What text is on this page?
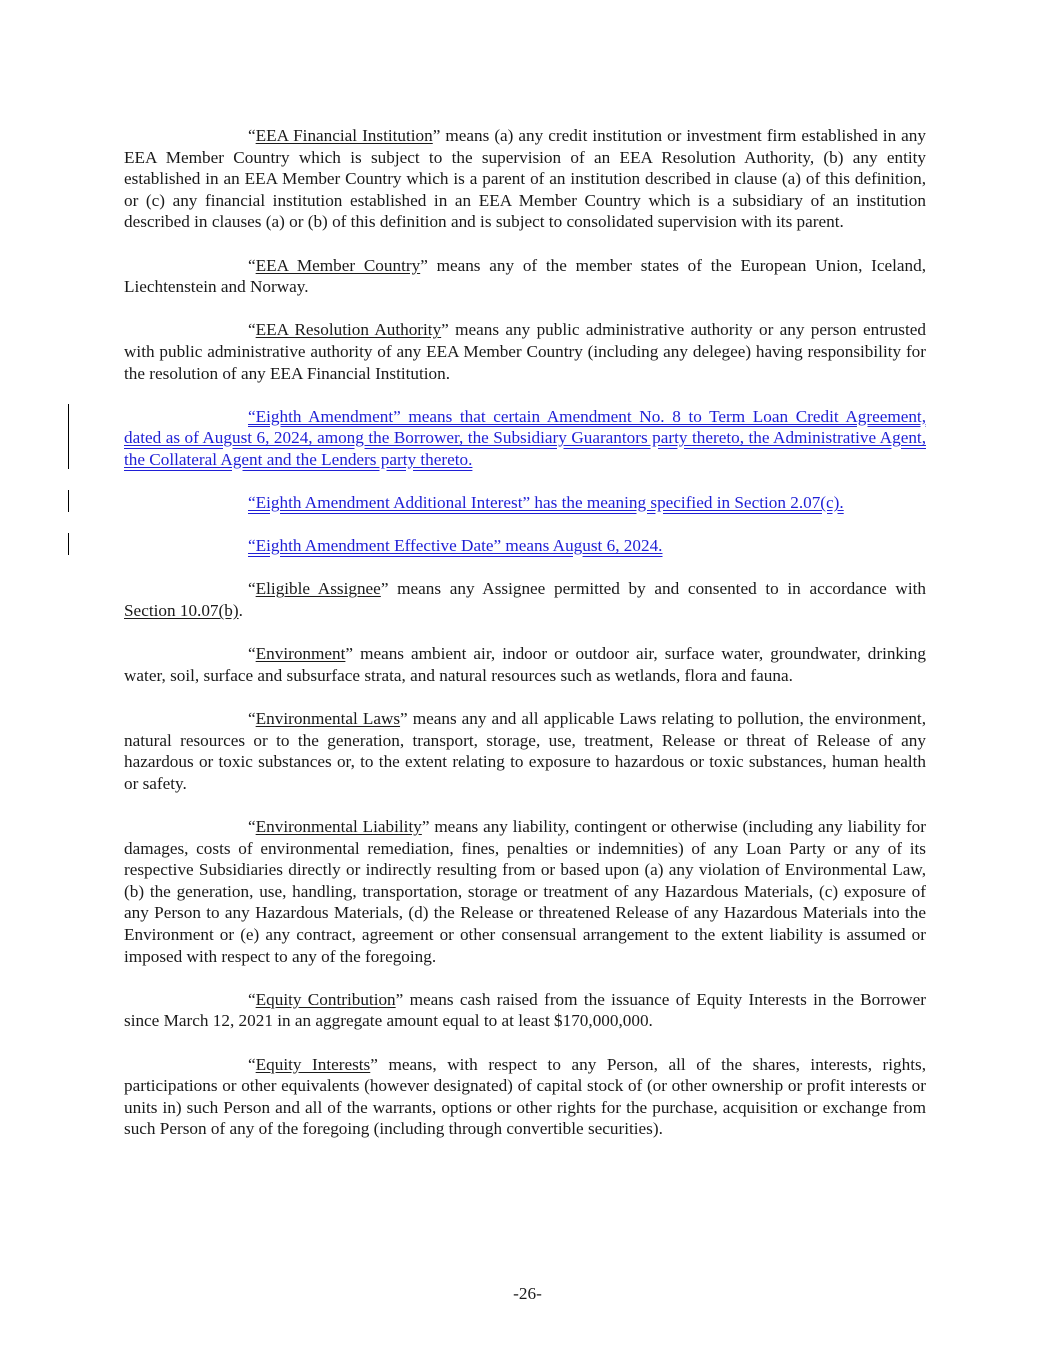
“EEA Financial Institution” means (a) any credit institution or investment firm established in any EEA Member Country which is subject to the supervision of an EEA Resolution Authority, (b) any entity established in an EEA Member Country which is a parent of an institution described in clause (a) of this definition, or (c) any financial institution established in an EEA Member Country which is a subsidiary of an institution described in clauses (a) or (b) of this definition and is subject to consolidated supervision with its parent.

“EEA Member Country” means any of the member states of the European Union, Iceland, Liechtenstein and Norway.

“EEA Resolution Authority” means any public administrative authority or any person entrusted with public administrative authority of any EEA Member Country (including any delegee) having responsibility for the resolution of any EEA Financial Institution.

“Eighth Amendment” means that certain Amendment No. 8 to Term Loan Credit Agreement, dated as of August 6, 2024, among the Borrower, the Subsidiary Guarantors party thereto, the Administrative Agent, the Collateral Agent and the Lenders party thereto.

“Eighth Amendment Additional Interest” has the meaning specified in Section 2.07(c).

“Eighth Amendment Effective Date” means August 6, 2024.

“Eligible Assignee” means any Assignee permitted by and consented to in accordance with Section 10.07(b).

“Environment” means ambient air, indoor or outdoor air, surface water, groundwater, drinking water, soil, surface and subsurface strata, and natural resources such as wetlands, flora and fauna.

“Environmental Laws” means any and all applicable Laws relating to pollution, the environment, natural resources or to the generation, transport, storage, use, treatment, Release or threat of Release of any hazardous or toxic substances or, to the extent relating to exposure to hazardous or toxic substances, human health or safety.

“Environmental Liability” means any liability, contingent or otherwise (including any liability for damages, costs of environmental remediation, fines, penalties or indemnities) of any Loan Party or any of its respective Subsidiaries directly or indirectly resulting from or based upon (a) any violation of Environmental Law, (b) the generation, use, handling, transportation, storage or treatment of any Hazardous Materials, (c) exposure of any Person to any Hazardous Materials, (d) the Release or threatened Release of any Hazardous Materials into the Environment or (e) any contract, agreement or other consensual arrangement to the extent liability is assumed or imposed with respect to any of the foregoing.

“Equity Contribution” means cash raised from the issuance of Equity Interests in the Borrower since March 12, 2021 in an aggregate amount equal to at least $170,000,000.

“Equity Interests” means, with respect to any Person, all of the shares, interests, rights, participations or other equivalents (however designated) of capital stock of (or other ownership or profit interests or units in) such Person and all of the warrants, options or other rights for the purchase, acquisition or exchange from such Person of any of the foregoing (including through convertible securities).

-26-
